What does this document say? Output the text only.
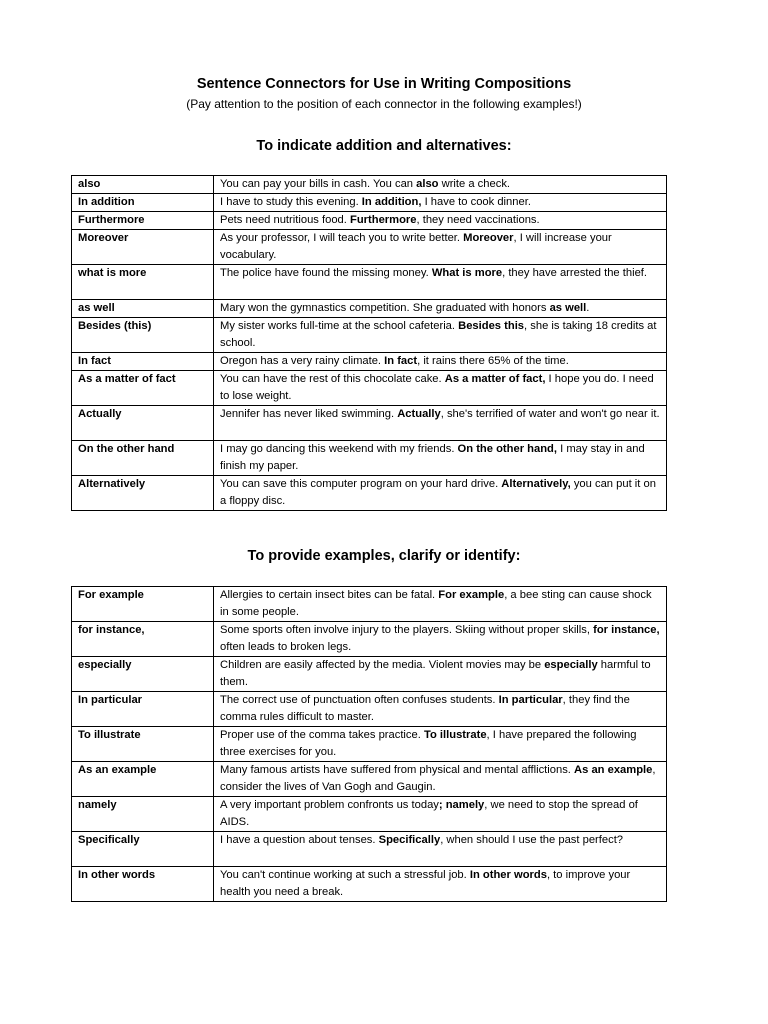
Sentence Connectors for Use in Writing Compositions
(Pay attention to the position of each connector in the following examples!)
To indicate addition and alternatives:
also	You can pay your bills in cash. You can also write a check.
In addition	I have to study this evening. In addition, I have to cook dinner.
Furthermore	Pets need nutritious food. Furthermore, they need vaccinations.
Moreover	As your professor, I will teach you to write better. Moreover, I will increase your vocabulary.
what is more	The police have found the missing money. What is more, they have arrested the thief.
as well	Mary won the gymnastics competition. She graduated with honors as well.
Besides (this)	My sister works full-time at the school cafeteria. Besides this, she is taking 18 credits at school.
In fact	Oregon has a very rainy climate. In fact, it rains there 65% of the time.
As a matter of fact	You can have the rest of this chocolate cake. As a matter of fact, I hope you do. I need to lose weight.
Actually	Jennifer has never liked swimming. Actually, she's terrified of water and won't go near it.
On the other hand	I may go dancing this weekend with my friends. On the other hand, I may stay in and finish my paper.
Alternatively	You can save this computer program on your hard drive. Alternatively, you can put it on a floppy disc.
To provide examples, clarify or identify:
For example	Allergies to certain insect bites can be fatal. For example, a bee sting can cause shock in some people.
for instance,	Some sports often involve injury to the players. Skiing without proper skills, for instance, often leads to broken legs.
especially	Children are easily affected by the media. Violent movies may be especially harmful to them.
In particular	The correct use of punctuation often confuses students. In particular, they find the comma rules difficult to master.
To illustrate	Proper use of the comma takes practice. To illustrate, I have prepared the following three exercises for you.
As an example	Many famous artists have suffered from physical and mental afflictions. As an example, consider the lives of Van Gogh and Gaugin.
namely	A very important problem confronts us today; namely, we need to stop the spread of AIDS.
Specifically	I have a question about tenses. Specifically, when should I use the past perfect?
In other words	You can't continue working at such a stressful job. In other words, to improve your health you need a break.
